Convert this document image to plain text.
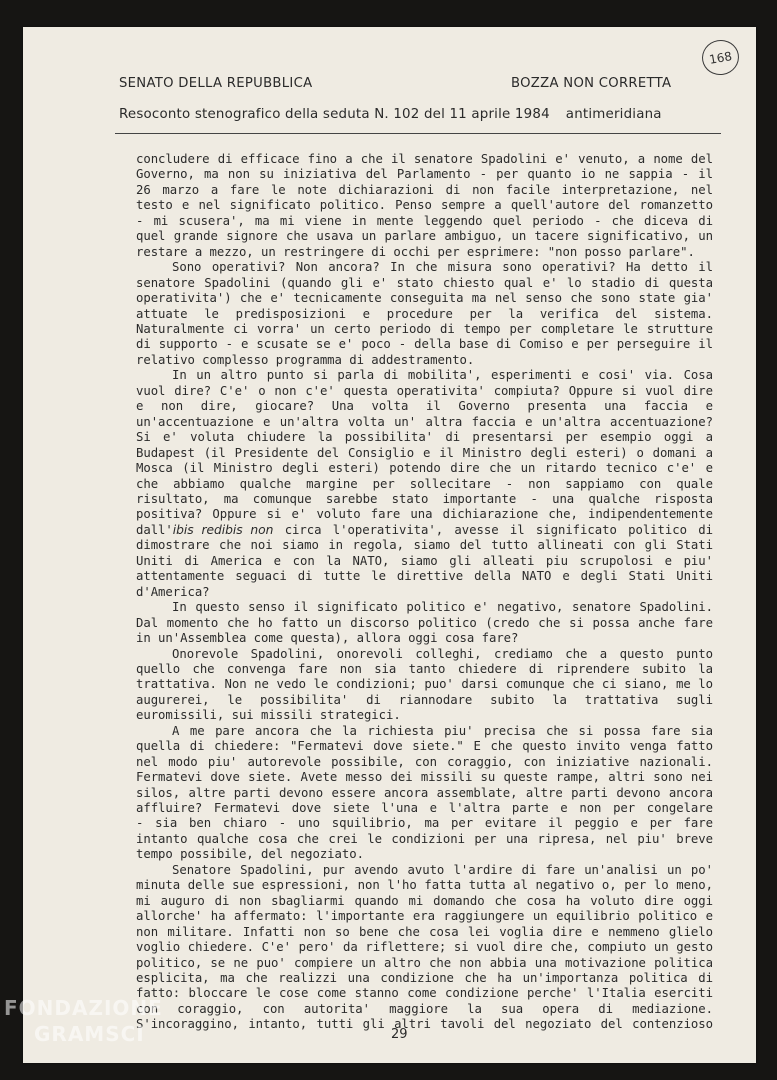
SENATO DELLA REPUBBLICA	BOZZA NON CORRETTA
168
Resoconto stenografico della seduta N. 102 del 11 aprile 1984 antimeridiana
concludere di efficace fino a che il senatore Spadolini e' venuto, a nome del
Governo, ma non su iniziativa del Parlamento - per quanto io ne sappia - il
26 marzo a fare le note dichiarazioni di non facile interpretazione, nel
testo e nel significato politico. Penso sempre a quell'autore del romanzetto
- mi scusera', ma mi viene in mente leggendo quel periodo - che diceva di
quel grande signore che usava un parlare ambiguo, un tacere significativo, un
restare a mezzo, un restringere di occhi per esprimere: "non posso parlare".
Sono operativi? Non ancora? In che misura sono operativi? Ha detto il
senatore Spadolini (quando gli e' stato chiesto qual e' lo stadio di questa
operativita') che e' tecnicamente conseguita ma nel senso che sono state gia'
attuate le predisposizioni e procedure per la verifica del sistema.
Naturalmente ci vorra' un certo periodo di tempo per completare le strutture
di supporto - e scusate se e' poco - della base di Comiso e per perseguire il
relativo complesso programma di addestramento.
In un altro punto si parla di mobilita', esperimenti e cosi' via. Cosa
vuol dire? C'e' o non c'e' questa operativita' compiuta? Oppure si vuol dire
e non dire, giocare? Una volta il Governo presenta una faccia e
un'accentuazione e un'altra volta un' altra faccia e un'altra accentuazione?
Si e' voluta chiudere la possibilita' di presentarsi per esempio oggi a
Budapest (il Presidente del Consiglio e il Ministro degli esteri) o domani a
Mosca (il Ministro degli esteri) potendo dire che un ritardo tecnico c'e' e
che abbiamo qualche margine per sollecitare - non sappiamo con quale
risultato, ma comunque sarebbe stato importante - una qualche risposta
positiva? Oppure si e' voluto fare una dichiarazione che, indipendentemente
dall'ibis redibis non circa l'operativita', avesse il significato politico di
dimostrare che noi siamo in regola, siamo del tutto allineati con gli Stati
Uniti di America e con la NATO, siamo gli alleati piu scrupolosi e piu'
attentamente seguaci di tutte le direttive della NATO e degli Stati Uniti
d'America?
In questo senso il significato politico e' negativo, senatore Spadolini.
Dal momento che ho fatto un discorso politico (credo che si possa anche fare
in un'Assemblea come questa), allora oggi cosa fare?
Onorevole Spadolini, onorevoli colleghi, crediamo che a questo punto
quello che convenga fare non sia tanto chiedere di riprendere subito la
trattativa. Non ne vedo le condizioni; puo' darsi comunque che ci siano, me lo
augurerei, le possibilita' di riannodare subito la trattativa sugli
euromissili, sui missili strategici.
A me pare ancora che la richiesta piu' precisa che si possa fare sia
quella di chiedere: "Fermatevi dove siete." E che questo invito venga fatto
nel modo piu' autorevole possibile, con coraggio, con iniziative nazionali.
Fermatevi dove siete. Avete messo dei missili su queste rampe, altri sono nei
silos, altre parti devono essere ancora assemblate, altre parti devono ancora
affluire? Fermatevi dove siete l'una e l'altra parte e non per congelare
- sia ben chiaro - uno squilibrio, ma per evitare il peggio e per fare
intanto qualche cosa che crei le condizioni per una ripresa, nel piu' breve
tempo possibile, del negoziato.
Senatore Spadolini, pur avendo avuto l'ardire di fare un'analisi un po'
minuta delle sue espressioni, non l'ho fatta tutta al negativo o, per lo meno,
mi auguro di non sbagliarmi quando mi domando che cosa ha voluto dire oggi
allorche' ha affermato: l'importante era raggiungere un equilibrio politico e
non militare. Infatti non so bene che cosa lei voglia dire e nemmeno glielo
voglio chiedere. C'e' pero' da riflettere; si vuol dire che, compiuto un gesto
politico, se ne puo' compiere un altro che non abbia una motivazione politica
esplicita, ma che realizzi una condizione che ha un'importanza politica di
fatto: bloccare le cose come stanno come condizione perche' l'Italia eserciti
con coraggio, con autorita' maggiore la sua opera di mediazione.
S'incoraggino, intanto, tutti gli altri tavoli del negoziato del contenzioso
29
FONDAZIONE
GRAMSCI
